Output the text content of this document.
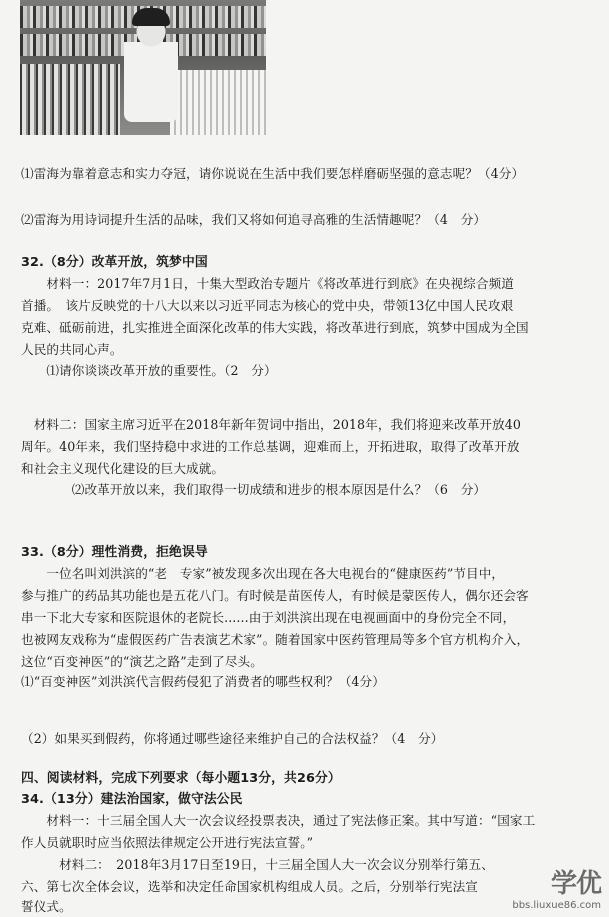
⑴雷海为靠着意志和实力夺冠，请你说说在生活中我们要怎样磨砺坚强的意志呢？（4分）
⑵雷海为用诗词提升生活的品味，我们又将如何追寻高雅的生活情趣呢？（4　分）
32.（8分）改革开放，筑梦中国
　　材料一：2017年7月1日，十集大型政治专题片《将改革进行到底》在央视综合频道
首播。　该片反映党的十八大以来以习近平同志为核心的党中央，带领13亿中国人民攻艰
克难、砥砺前进，扎实推进全面深化改革的伟大实践，将改革进行到底，筑梦中国成为全国
人民的共同心声。
　　⑴请你谈谈改革开放的重要性。（2　分）
　材料二：国家主席习近平在2018年新年贺词中指出，2018年，我们将迎来改革开放40
周年。40年来，我们坚持稳中求进的工作总基调，迎难而上，开拓进取，取得了改革开放
和社会主义现代化建设的巨大成就。
　　　　⑵改革开放以来，我们取得一切成绩和进步的根本原因是什么？（6　分）
33.（8分）理性消费，拒绝误导
　　一位名叫刘洪滨的“老　专家”被发现多次出现在各大电视台的“健康医药”节目中，
参与推广的药品其功能也是五花八门。有时候是苗医传人，有时候是蒙医传人，偶尔还会客
串一下北大专家和医院退休的老院长......由于刘洪滨出现在电视画面中的身份完全不同，
也被网友戏称为“虚假医药广告表演艺术家”。随着国家中医药管理局等多个官方机构介入，
这位“百变神医”的“演艺之路”走到了尽头。
⑴“百变神医”刘洪滨代言假药侵犯了消费者的哪些权利？（4分）
（2）如果买到假药，你将通过哪些途径来维护自己的合法权益？（4　分）
四、阅读材料，完成下列要求（每小题13分，共26分）
34.（13分）建法治国家，做守法公民
　　材料一：十三届全国人大一次会议经投票表决，通过了宪法修正案。其中写道：“国家工
作人员就职时应当依照法律规定公开进行宪法宣誓。”
　　　材料二：　2018年3月17日至19日，十三届全国人大一次会议分别举行第五、
六、第七次全体会议，选举和决定任命国家机构组成人员。之后，分别举行宪法宣
誓仪式。
学优
bbs.liuxue86.com
